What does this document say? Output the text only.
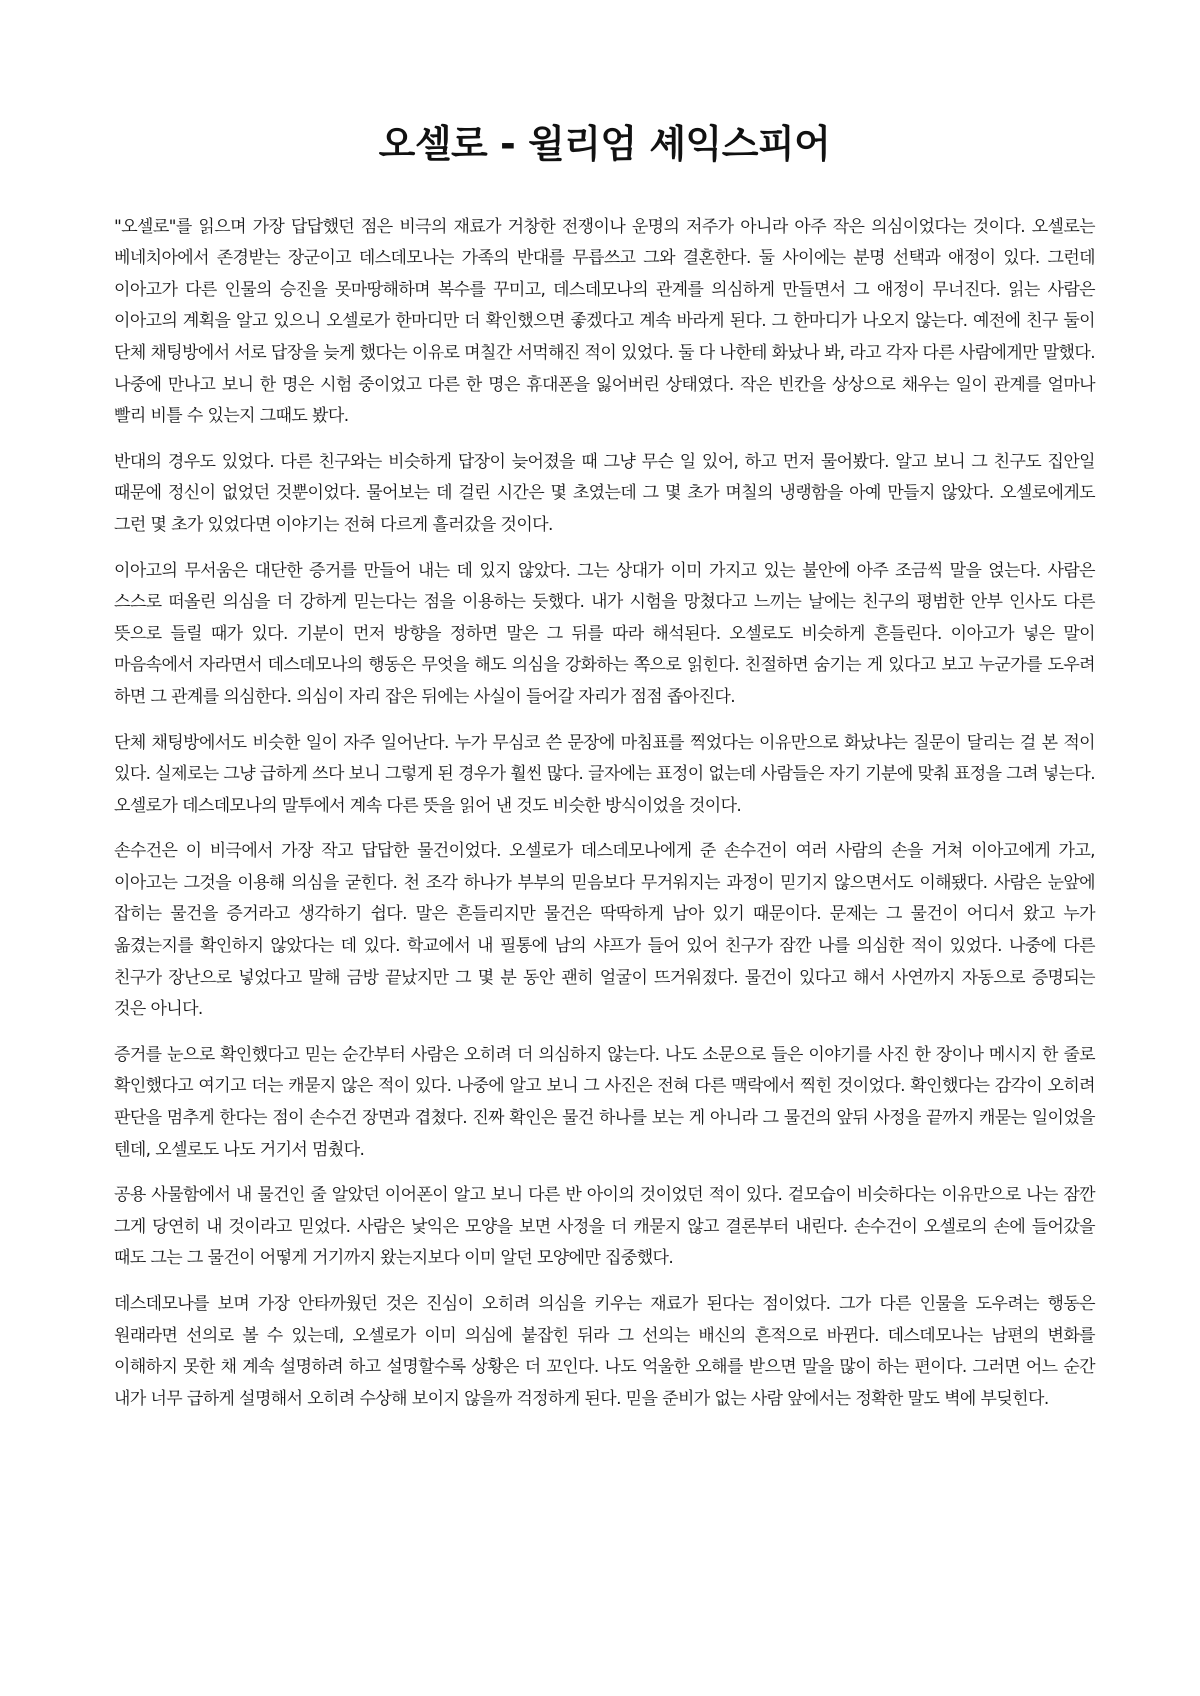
오셀로 - 윌리엄 셰익스피어

"오셀로"를 읽으며 가장 답답했던 점은 비극의 재료가 거창한 전쟁이나 운명의 저주가 아니라 아주 작은 의심이었다는 것이다. 오셀로는 베네치아에서 존경받는 장군이고 데스데모나는 가족의 반대를 무릅쓰고 그와 결혼한다. 둘 사이에는 분명 선택과 애정이 있다. 그런데 이아고가 다른 인물의 승진을 못마땅해하며 복수를 꾸미고, 데스데모나의 관계를 의심하게 만들면서 그 애정이 무너진다. 읽는 사람은 이아고의 계획을 알고 있으니 오셀로가 한마디만 더 확인했으면 좋겠다고 계속 바라게 된다. 그 한마디가 나오지 않는다. 예전에 친구 둘이 단체 채팅방에서 서로 답장을 늦게 했다는 이유로 며칠간 서먹해진 적이 있었다. 둘 다 나한테 화났나 봐, 라고 각자 다른 사람에게만 말했다. 나중에 만나고 보니 한 명은 시험 중이었고 다른 한 명은 휴대폰을 잃어버린 상태였다. 작은 빈칸을 상상으로 채우는 일이 관계를 얼마나 빨리 비틀 수 있는지 그때도 봤다.

반대의 경우도 있었다. 다른 친구와는 비슷하게 답장이 늦어졌을 때 그냥 무슨 일 있어, 하고 먼저 물어봤다. 알고 보니 그 친구도 집안일 때문에 정신이 없었던 것뿐이었다. 물어보는 데 걸린 시간은 몇 초였는데 그 몇 초가 며칠의 냉랭함을 아예 만들지 않았다. 오셀로에게도 그런 몇 초가 있었다면 이야기는 전혀 다르게 흘러갔을 것이다.

이아고의 무서움은 대단한 증거를 만들어 내는 데 있지 않았다. 그는 상대가 이미 가지고 있는 불안에 아주 조금씩 말을 얹는다. 사람은 스스로 떠올린 의심을 더 강하게 믿는다는 점을 이용하는 듯했다. 내가 시험을 망쳤다고 느끼는 날에는 친구의 평범한 안부 인사도 다른 뜻으로 들릴 때가 있다. 기분이 먼저 방향을 정하면 말은 그 뒤를 따라 해석된다. 오셀로도 비슷하게 흔들린다. 이아고가 넣은 말이 마음속에서 자라면서 데스데모나의 행동은 무엇을 해도 의심을 강화하는 쪽으로 읽힌다. 친절하면 숨기는 게 있다고 보고 누군가를 도우려 하면 그 관계를 의심한다. 의심이 자리 잡은 뒤에는 사실이 들어갈 자리가 점점 좁아진다.

단체 채팅방에서도 비슷한 일이 자주 일어난다. 누가 무심코 쓴 문장에 마침표를 찍었다는 이유만으로 화났냐는 질문이 달리는 걸 본 적이 있다. 실제로는 그냥 급하게 쓰다 보니 그렇게 된 경우가 훨씬 많다. 글자에는 표정이 없는데 사람들은 자기 기분에 맞춰 표정을 그려 넣는다. 오셀로가 데스데모나의 말투에서 계속 다른 뜻을 읽어 낸 것도 비슷한 방식이었을 것이다.

손수건은 이 비극에서 가장 작고 답답한 물건이었다. 오셀로가 데스데모나에게 준 손수건이 여러 사람의 손을 거쳐 이아고에게 가고, 이아고는 그것을 이용해 의심을 굳힌다. 천 조각 하나가 부부의 믿음보다 무거워지는 과정이 믿기지 않으면서도 이해됐다. 사람은 눈앞에 잡히는 물건을 증거라고 생각하기 쉽다. 말은 흔들리지만 물건은 딱딱하게 남아 있기 때문이다. 문제는 그 물건이 어디서 왔고 누가 옮겼는지를 확인하지 않았다는 데 있다. 학교에서 내 필통에 남의 샤프가 들어 있어 친구가 잠깐 나를 의심한 적이 있었다. 나중에 다른 친구가 장난으로 넣었다고 말해 금방 끝났지만 그 몇 분 동안 괜히 얼굴이 뜨거워졌다. 물건이 있다고 해서 사연까지 자동으로 증명되는 것은 아니다.

증거를 눈으로 확인했다고 믿는 순간부터 사람은 오히려 더 의심하지 않는다. 나도 소문으로 들은 이야기를 사진 한 장이나 메시지 한 줄로 확인했다고 여기고 더는 캐묻지 않은 적이 있다. 나중에 알고 보니 그 사진은 전혀 다른 맥락에서 찍힌 것이었다. 확인했다는 감각이 오히려 판단을 멈추게 한다는 점이 손수건 장면과 겹쳤다. 진짜 확인은 물건 하나를 보는 게 아니라 그 물건의 앞뒤 사정을 끝까지 캐묻는 일이었을 텐데, 오셀로도 나도 거기서 멈췄다.

공용 사물함에서 내 물건인 줄 알았던 이어폰이 알고 보니 다른 반 아이의 것이었던 적이 있다. 겉모습이 비슷하다는 이유만으로 나는 잠깐 그게 당연히 내 것이라고 믿었다. 사람은 낯익은 모양을 보면 사정을 더 캐묻지 않고 결론부터 내린다. 손수건이 오셀로의 손에 들어갔을 때도 그는 그 물건이 어떻게 거기까지 왔는지보다 이미 알던 모양에만 집중했다.

데스데모나를 보며 가장 안타까웠던 것은 진심이 오히려 의심을 키우는 재료가 된다는 점이었다. 그가 다른 인물을 도우려는 행동은 원래라면 선의로 볼 수 있는데, 오셀로가 이미 의심에 붙잡힌 뒤라 그 선의는 배신의 흔적으로 바뀐다. 데스데모나는 남편의 변화를 이해하지 못한 채 계속 설명하려 하고 설명할수록 상황은 더 꼬인다. 나도 억울한 오해를 받으면 말을 많이 하는 편이다. 그러면 어느 순간 내가 너무 급하게 설명해서 오히려 수상해 보이지 않을까 걱정하게 된다. 믿을 준비가 없는 사람 앞에서는 정확한 말도 벽에 부딪힌다.
